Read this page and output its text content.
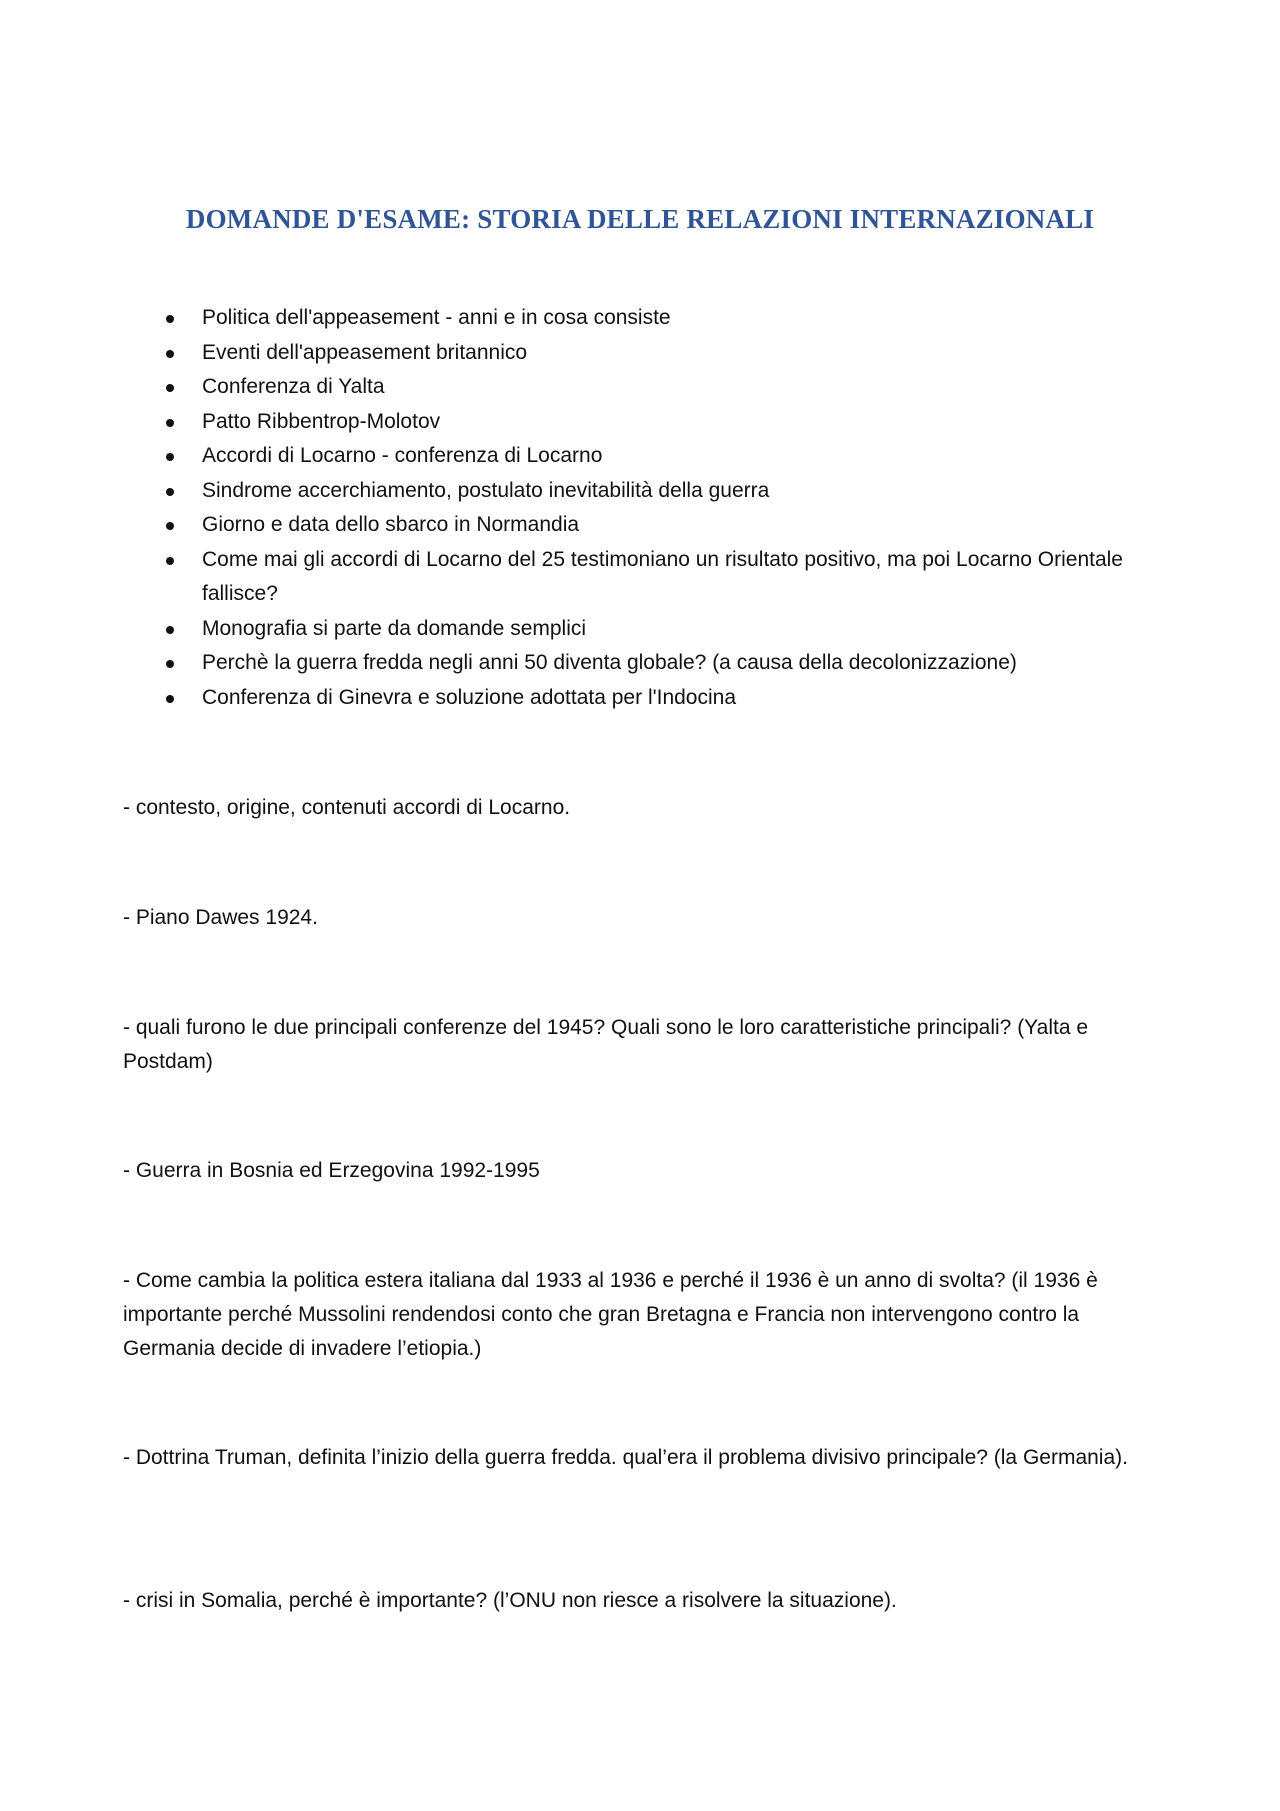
DOMANDE D'ESAME: STORIA DELLE RELAZIONI INTERNAZIONALI
Politica dell'appeasement - anni e in cosa consiste
Eventi dell'appeasement britannico
Conferenza di Yalta
Patto Ribbentrop-Molotov
Accordi di Locarno - conferenza di Locarno
Sindrome accerchiamento, postulato inevitabilità della guerra
Giorno e data dello sbarco in Normandia
Come mai gli accordi di Locarno del 25 testimoniano un risultato positivo, ma poi Locarno Orientale fallisce?
Monografia si parte da domande semplici
Perchè la guerra fredda negli anni 50 diventa globale? (a causa della decolonizzazione)
Conferenza di Ginevra e soluzione adottata per l'Indocina

- contesto, origine, contenuti accordi di Locarno.

- Piano Dawes 1924.

- quali furono le due principali conferenze del 1945? Quali sono le loro caratteristiche principali? (Yalta e Postdam)

- Guerra in Bosnia ed Erzegovina 1992-1995

- Come cambia la politica estera italiana dal 1933 al 1936 e perché il 1936 è un anno di svolta? (il 1936 è importante perché Mussolini rendendosi conto che gran Bretagna e Francia non intervengono contro la Germania decide di invadere l’etiopia.)

- Dottrina Truman, definita l’inizio della guerra fredda. qual’era il problema divisivo principale? (la Germania).

- crisi in Somalia, perché è importante? (l’ONU non riesce a risolvere la situazione).
